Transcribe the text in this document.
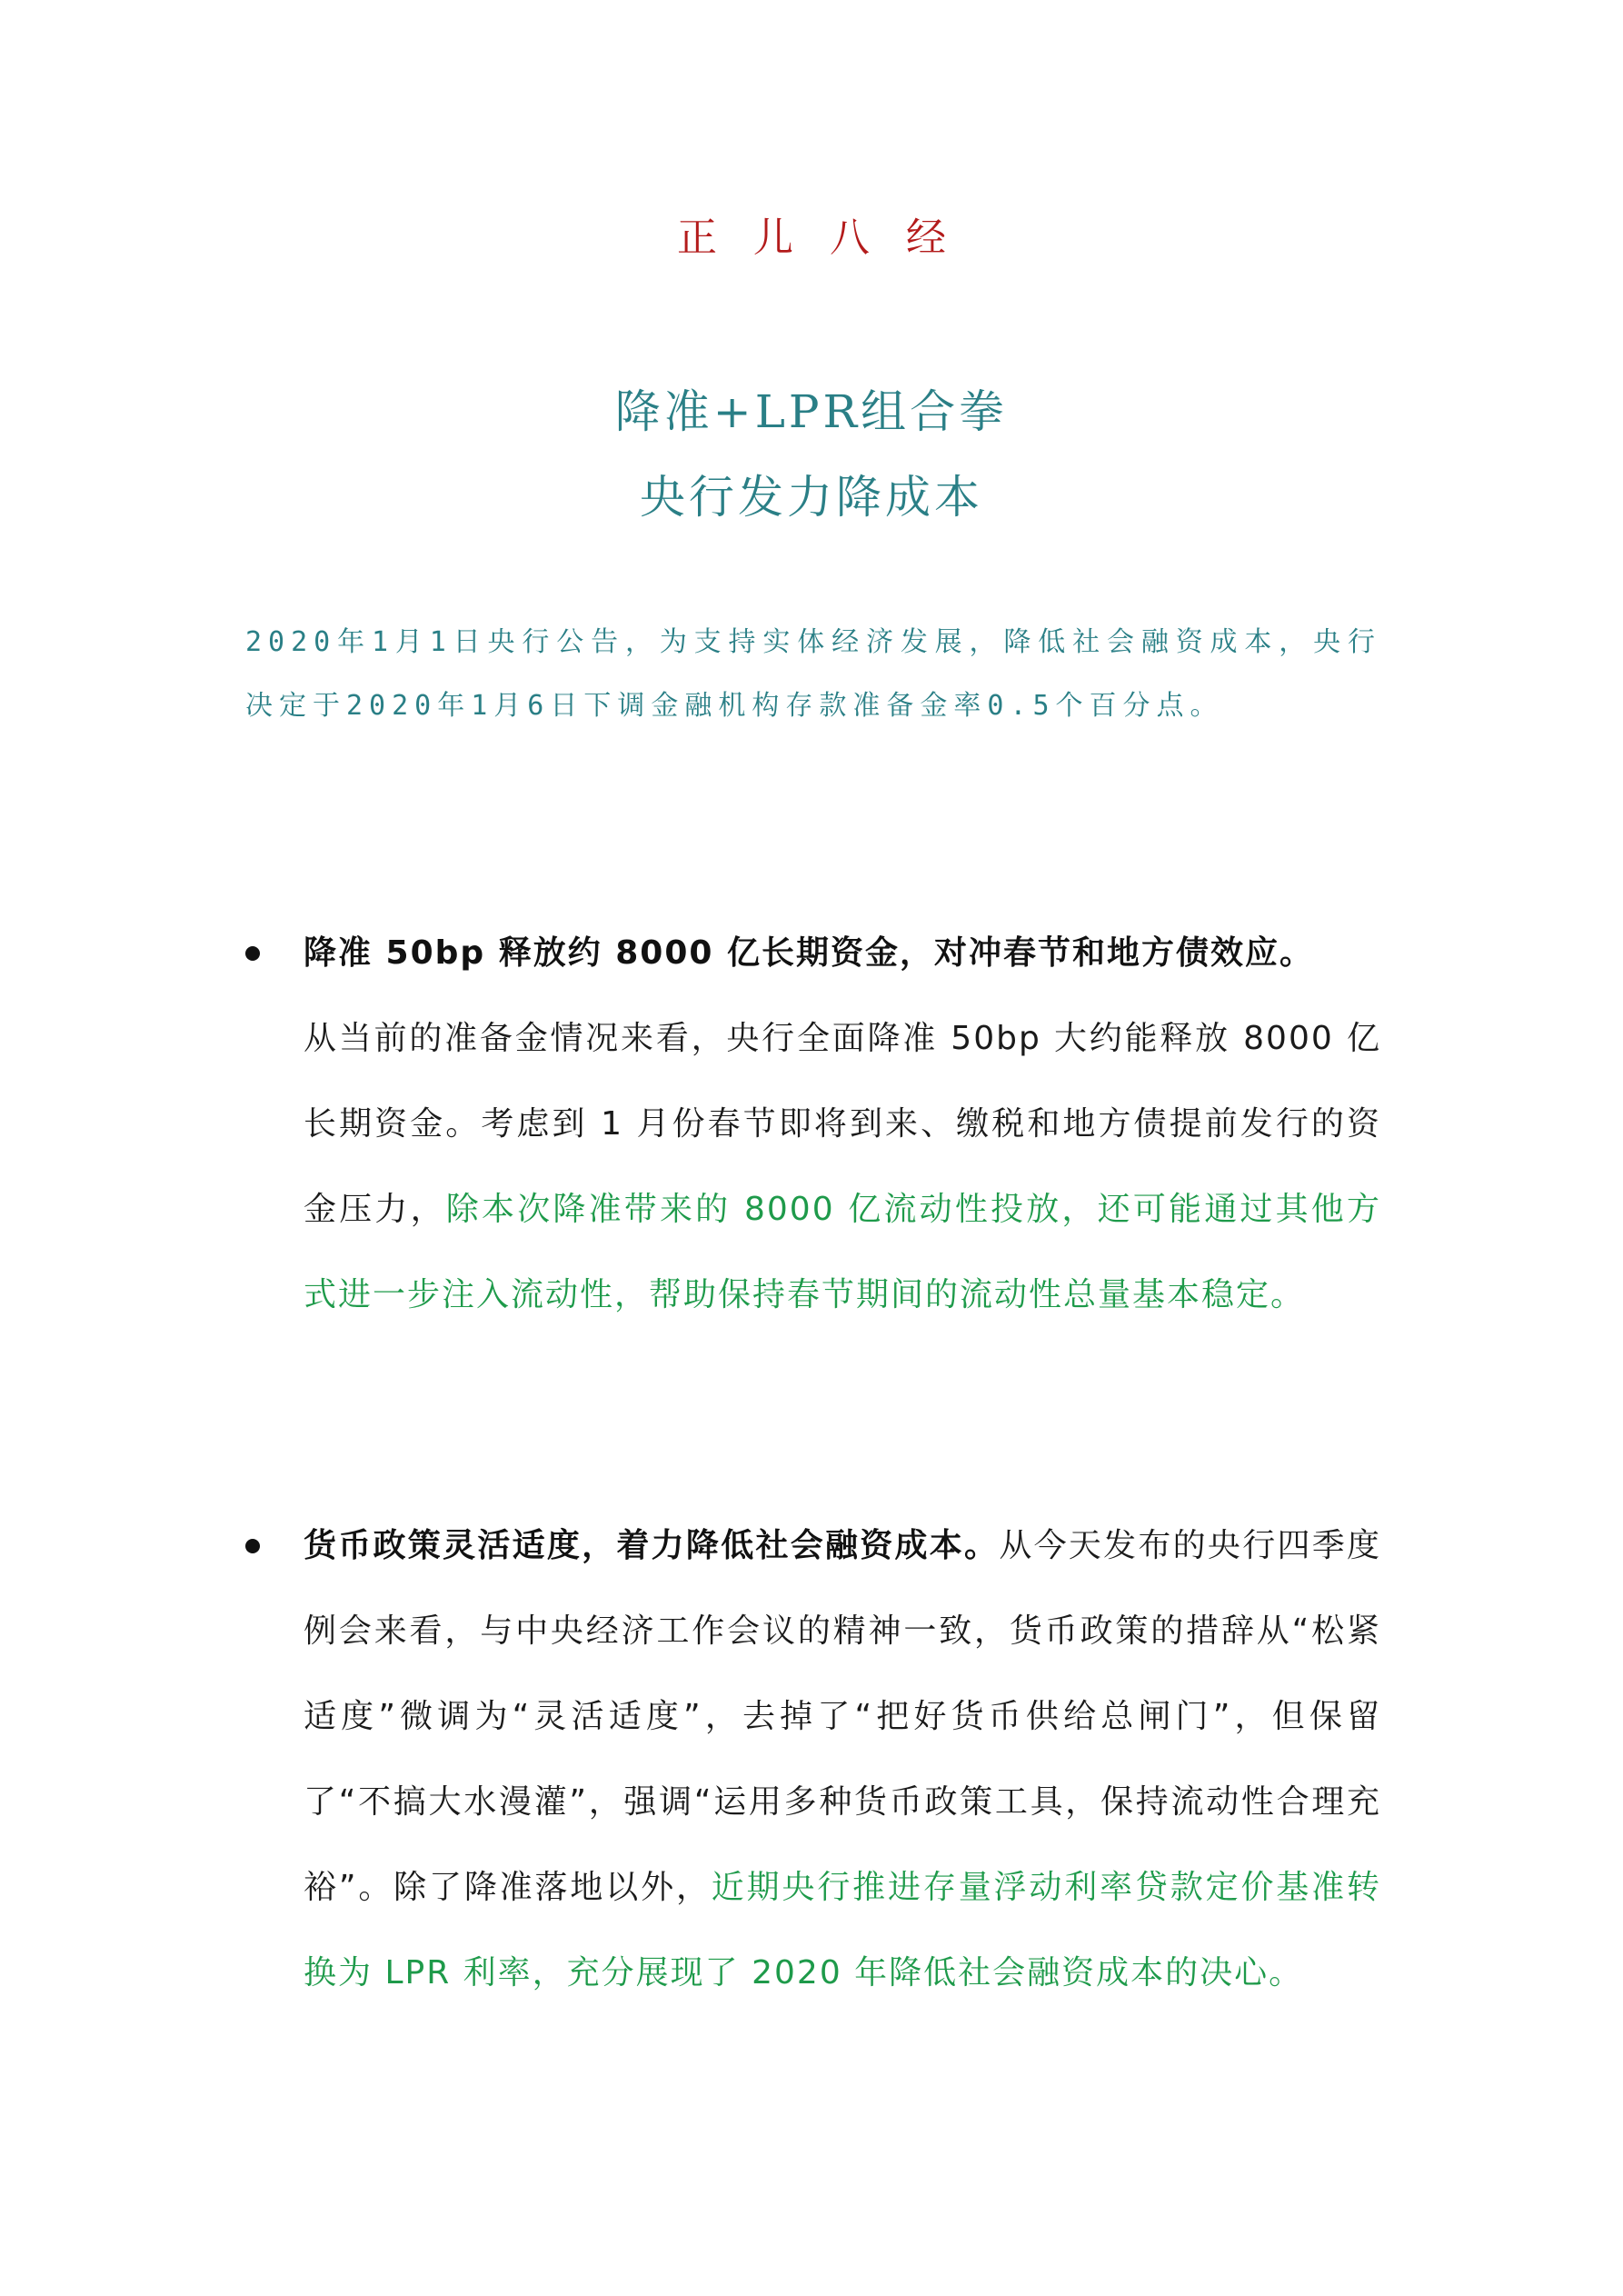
正儿八经
降准+LPR组合拳
央行发力降成本
2020年1月1日央行公告，为支持实体经济发展，降低社会融资成本，央行决定于2020年1月6日下调金融机构存款准备金率0.5个百分点。
降准 50bp 释放约 8000 亿长期资金，对冲春节和地方债效应。
从当前的准备金情况来看，央行全面降准 50bp 大约能释放 8000 亿长期资金。考虑到 1 月份春节即将到来、缴税和地方债提前发行的资金压力，除本次降准带来的 8000 亿流动性投放，还可能通过其他方式进一步注入流动性，帮助保持春节期间的流动性总量基本稳定。
货币政策灵活适度，着力降低社会融资成本。从今天发布的央行四季度例会来看，与中央经济工作会议的精神一致，货币政策的措辞从“松紧适度”微调为“灵活适度”，去掉了“把好货币供给总闸门”，但保留了“不搞大水漫灌”，强调“运用多种货币政策工具，保持流动性合理充裕”。除了降准落地以外，近期央行推进存量浮动利率贷款定价基准转换为 LPR 利率，充分展现了 2020 年降低社会融资成本的决心。
